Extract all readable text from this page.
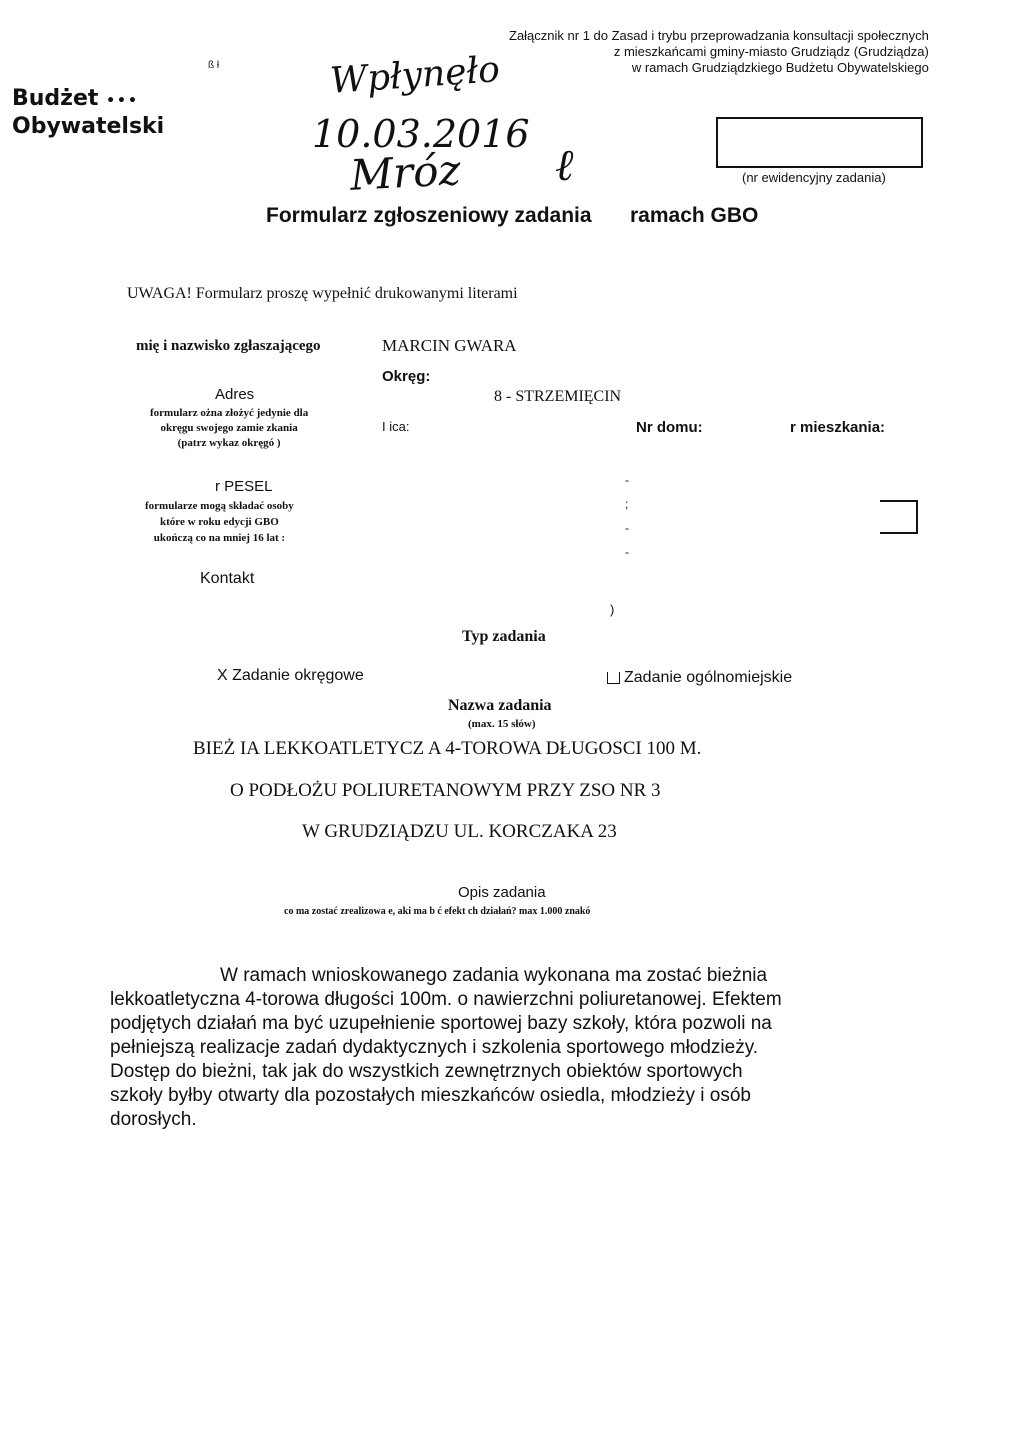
Załącznik nr 1 do Zasad i trybu przeprowadzania konsultacji społecznych
z mieszkańcami gminy-miasto Grudziądz (Grudziądza)
w ramach Grudziądzkiego Budżetu Obywatelskiego
ß ł
Budżet •••
Obywatelski
Wpłynęło
10.03.2016
Mróz ℓ	(nr ewidencyjny zadania)
Formularz zgłoszeniowy zadania ramach GBO
UWAGA! Formularz proszę wypełnić drukowanymi literami
mię i nazwisko zgłaszającego	MARCIN GWARA
Adres
formularz ożna złożyć jedynie dla
okręgu swojego zamie zkania
(patrz wykaz okręgó )
Okręg:
8 - STRZEMIĘCIN
I ica:	Nr domu:	r mieszkania:
r PESEL
formularze mogą składać osoby
które w roku edycji GBO
ukończą co na mniej 16 lat :
-
;
-
-
Kontakt
)
Typ zadania
X Zadanie okręgowe	Zadanie ogólnomiejskie
Nazwa zadania
(max. 15 słów)
BIEŻ IA LEKKOATLETYCZ A 4-TOROWA DŁUGOSCI 100 M.
O PODŁOŻU POLIURETANOWYM PRZY ZSO NR 3
W GRUDZIĄDZU UL. KORCZAKA 23
Opis zadania
co ma zostać zrealizowa e, aki ma b ć efekt ch działań? max 1.000 znakó
W ramach wnioskowanego zadania wykonana ma zostać bieżnia
lekkoatletyczna 4-torowa długości 100m. o nawierzchni poliuretanowej. Efektem
podjętych działań ma być uzupełnienie sportowej bazy szkoły, która pozwoli na
pełniejszą realizacje zadań dydaktycznych i szkolenia sportowego młodzieży.
Dostęp do bieżni, tak jak do wszystkich zewnętrznych obiektów sportowych
szkoły byłby otwarty dla pozostałych mieszkańców osiedla, młodzieży i osób
dorosłych.
